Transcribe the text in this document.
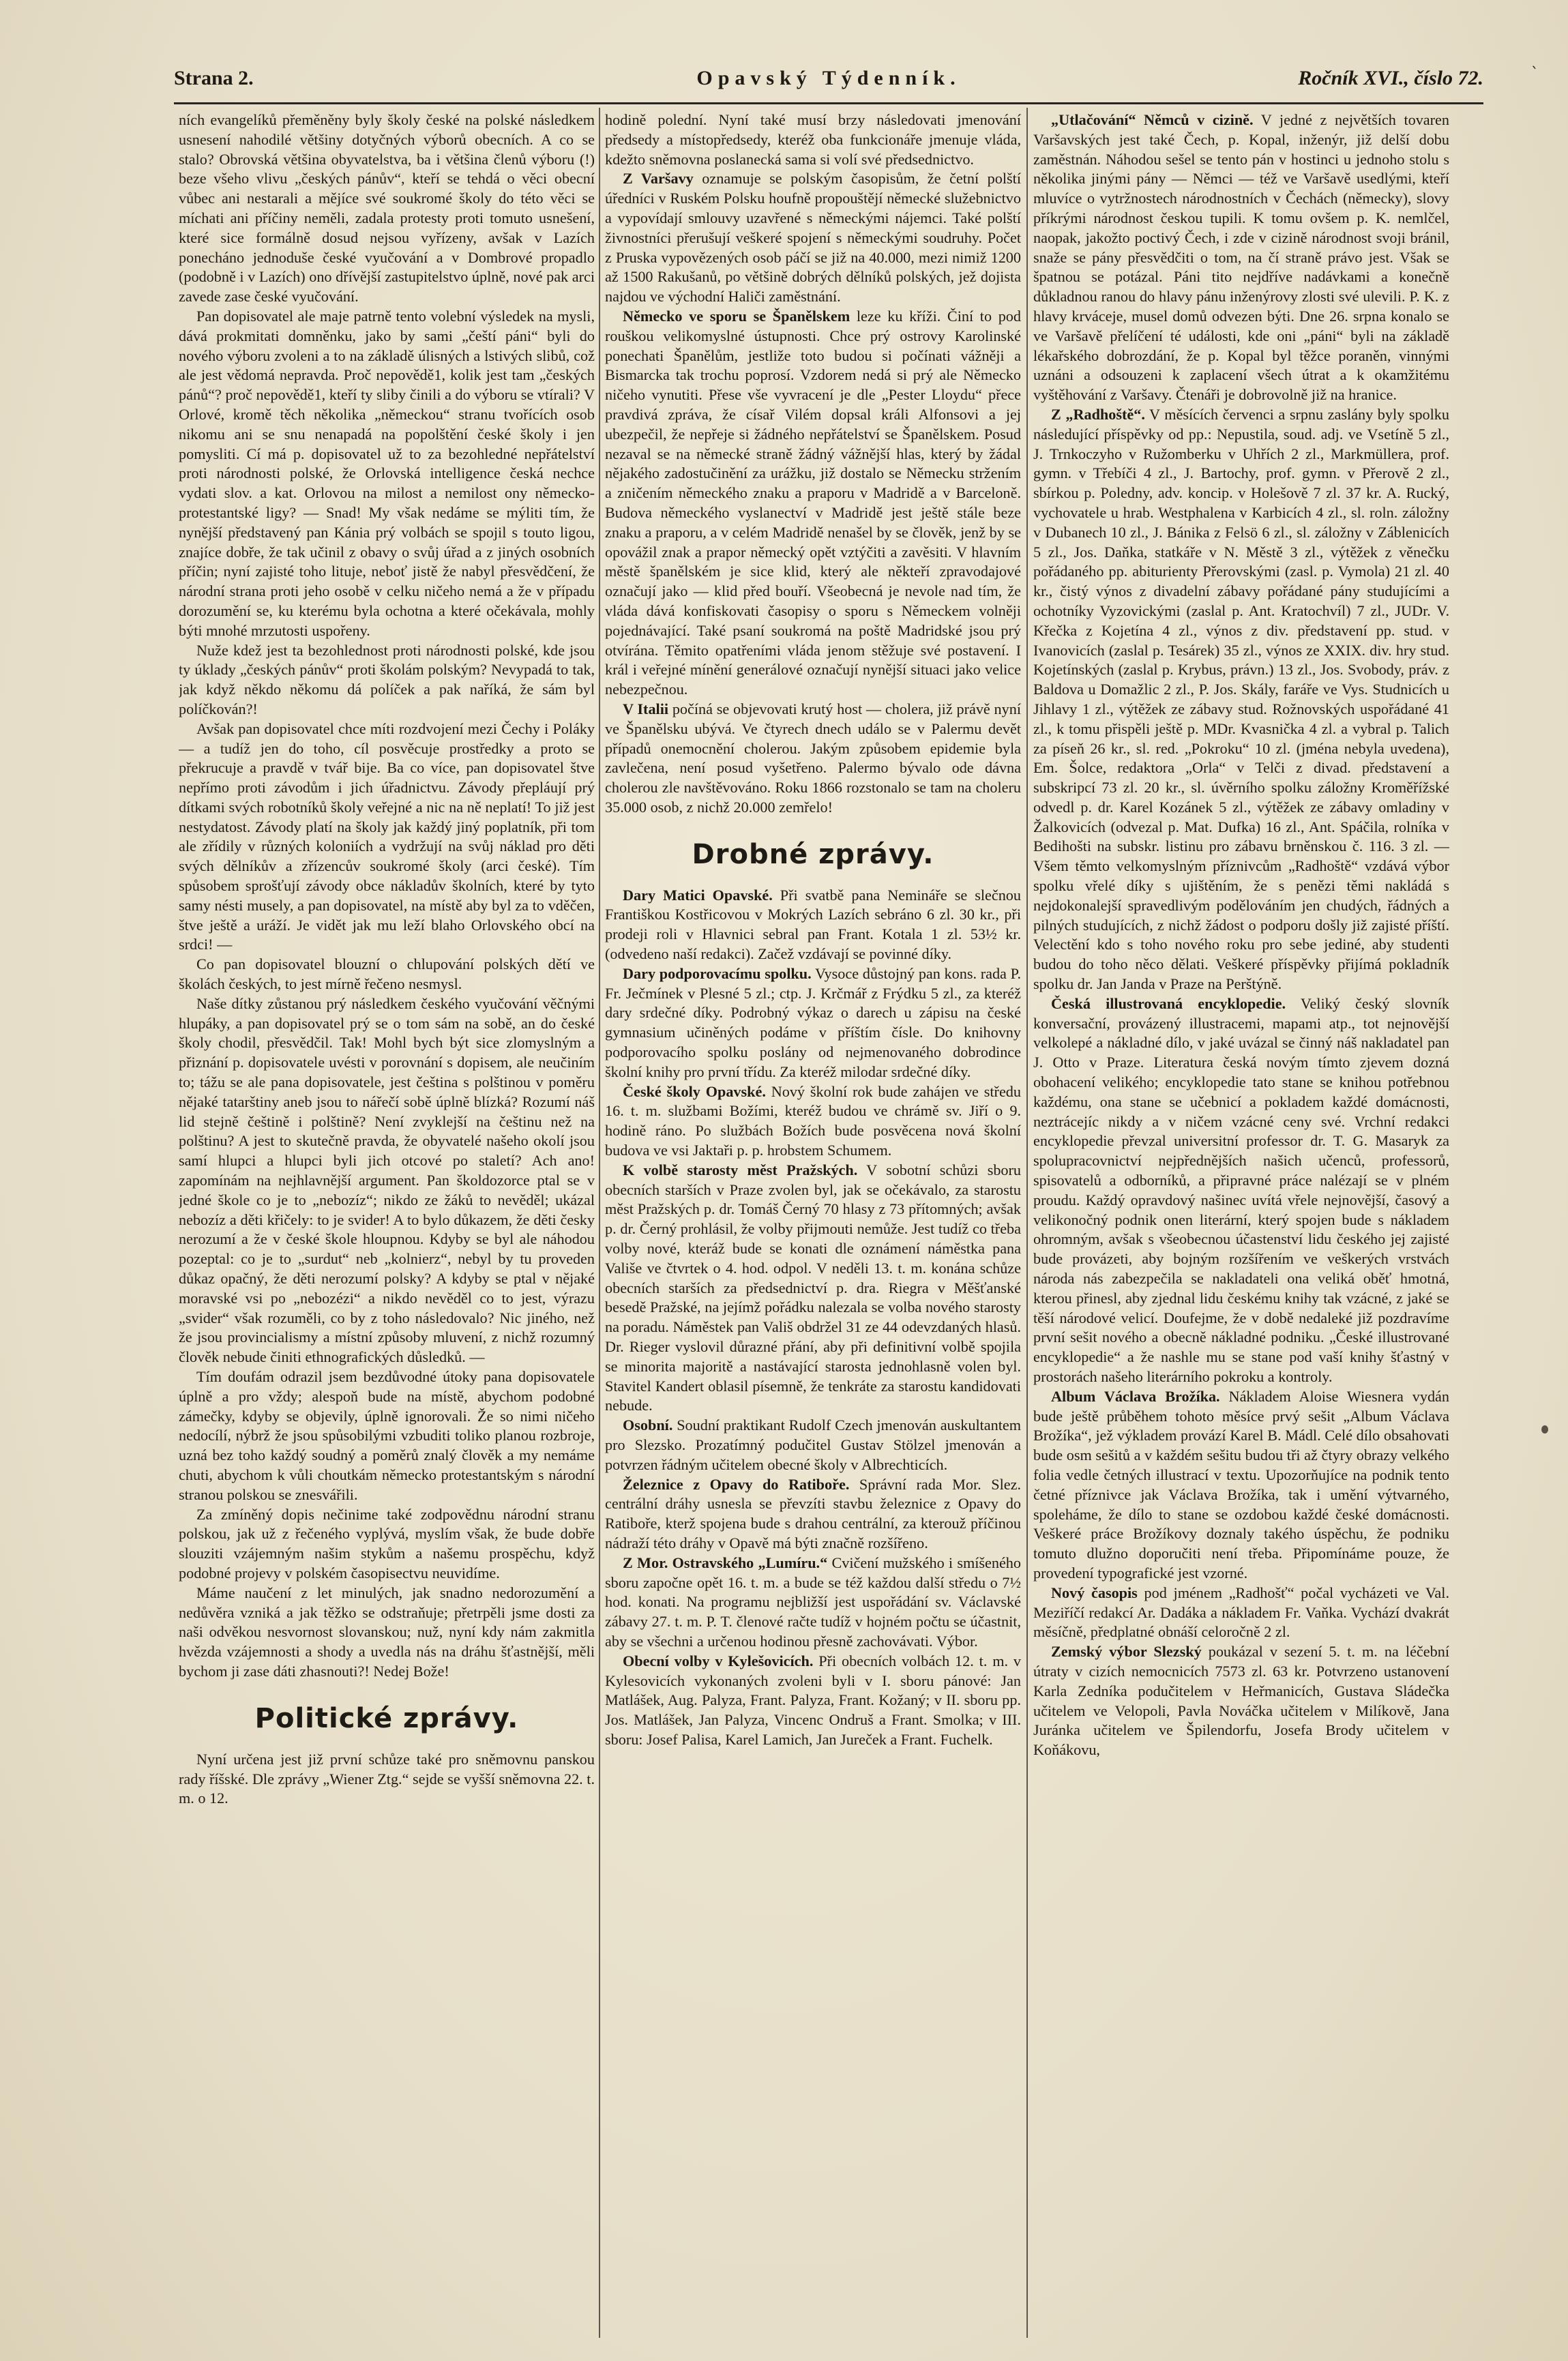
Strana 2.	Opavský Týdenník.	Ročník XVI., číslo 72.	ˋ

ních evangelíků přeměněny byly školy české na polské následkem usnesení nahodilé většiny dotyčných výborů obecních. A co se stalo? Obrovská většina obyvatelstva, ba i většina členů výboru (!) beze všeho vlivu „českých pánův“, kteří se tehdá o věci obecní vůbec ani nestarali a mějíce své soukromé školy do této věci se míchati ani příčiny neměli, zadala protesty proti tomuto usnešení, které sice formálně dosud nejsou vyřízeny, avšak v Lazích ponecháno jednoduše české vyučování a v Dombrové propadlo (podobně i v Lazích) ono dřívější zastupitelstvo úplně, nové pak arci zavede zase české vyučování.

Pan dopisovatel ale maje patrně tento volební výsledek na mysli, dává prokmitati domněnku, jako by sami „čeští páni“ byli do nového výboru zvoleni a to na základě úlisných a lstivých slibů, což ale jest vědomá nepravda. Proč nepovědě1, kolik jest tam „českých pánů“? proč nepovědě1, kteří ty sliby činili a do výboru se vtírali? V Orlové, kromě těch několika „německou“ stranu tvořících osob nikomu ani se snu nenapadá na popolštění české školy i jen pomysliti. Cí má p. dopisovatel už to za bezohledné nepřátelství proti národnosti polské, že Orlovská intelligence česká nechce vydati slov. a kat. Orlovou na milost a nemilost ony německo-protestantské ligy? — Snad! My však nedáme se mýliti tím, že nynější představený pan Kánia prý volbách se spojil s touto ligou, znajíce dobře, že tak učinil z obavy o svůj úřad a z jiných osobních příčin; nyní zajisté toho lituje, neboť jistě že nabyl přesvědčení, že národní strana proti jeho osobě v celku ničeho nemá a že v případu dorozumění se, ku kterému byla ochotna a které očekávala, mohly býti mnohé mrzutosti uspořeny.

Nuže kdež jest ta bezohlednost proti národnosti polské, kde jsou ty úklady „českých pánův“ proti školám polským? Nevypadá to tak, jak když někdo někomu dá políček a pak naříká, že sám byl políčkován?!

Avšak pan dopisovatel chce míti rozdvojení mezi Čechy i Poláky — a tudíž jen do toho, cíl posvěcuje prostředky a proto se překrucuje a pravdě v tvář bije. Ba co více, pan dopisovatel štve nepřímo proti závodům i jich úřadnictvu. Závody přepláují prý dítkami svých robotníků školy veřejné a nic na ně neplatí! To již jest nestydatost. Závody platí na školy jak každý jiný poplatník, při tom ale zřídily v různých koloniích a vydržují na svůj náklad pro děti svých dělníkův a zřízencův soukromé školy (arci české). Tím spůsobem sprošťují závody obce nákladův školních, které by tyto samy nésti musely, a pan dopisovatel, na místě aby byl za to vděčen, štve ještě a uráží. Je vidět jak mu leží blaho Orlovského obcí na srdci! —

Co pan dopisovatel blouzní o chlupování polských dětí ve školách českých, to jest mírně řečeno nesmysl.

Naše dítky zůstanou prý následkem českého vyučování věčnými hlupáky, a pan dopisovatel prý se o tom sám na sobě, an do české školy chodil, přesvědčil. Tak! Mohl bych být sice zlomyslným a přiznání p. dopisovatele uvésti v porovnání s dopisem, ale neučiním to; tážu se ale pana dopisovatele, jest čeština s polštinou v poměru nějaké tatarštiny aneb jsou to nářečí sobě úplně blízká? Rozumí náš lid stejně češtině i polštině? Není zvyklejší na češtinu než na polštinu? A jest to skutečně pravda, že obyvatelé našeho okolí jsou samí hlupci a hlupci byli jich otcové po staletí? Ach ano! zapomínám na nejhlavnější argument. Pan školdozorce ptal se v jedné škole co je to „nebozíz“; nikdo ze žáků to nevěděl; ukázal nebozíz a děti křičely: to je svider! A to bylo důkazem, že děti česky nerozumí a že v české škole hloupnou. Kdyby se byl ale náhodou pozeptal: co je to „surdut“ neb „kolnierz“, nebyl by tu proveden důkaz opačný, že děti nerozumí polsky? A kdyby se ptal v nějaké moravské vsi po „nebozézi“ a nikdo nevěděl co to jest, výrazu „svider“ však rozuměli, co by z toho následovalo? Nic jiného, než že jsou provincialismy a místní způsoby mluvení, z nichž rozumný člověk nebude činiti ethnografických důsledků. —

Tím doufám odrazil jsem bezdůvodné útoky pana dopisovatele úplně a pro vždy; alespoň bude na místě, abychom podobné zámečky, kdyby se objevily, úplně ignorovali. Že so nimi ničeho nedocílí, nýbrž že jsou spůsobilými vzbuditi toliko planou rozbroje, uzná bez toho každý soudný a poměrů znalý člověk a my nemáme chuti, abychom k vůli choutkám německo protestantským s národní stranou polskou se znesvářili.

Za zmíněný dopis nečinime také zodpovědnu národní stranu polskou, jak už z řečeného vyplývá, myslím však, že bude dobře slouziti vzájemným našim stykům a našemu prospěchu, když podobné projevy v polském časopisectvu neuvidíme.

Máme naučení z let minulých, jak snadno nedorozumění a nedůvěra vzniká a jak těžko se odstraňuje; přetrpěli jsme dosti za naši odvěkou nesvornost slovanskou; nuž, nyní kdy nám zakmitla hvězda vzájemnosti a shody a uvedla nás na dráhu šťastnější, měli bychom ji zase dáti zhasnouti?! Nedej Bože!

Politické zprávy.

Nyní určena jest již první schůze také pro sněmovnu panskou rady říšské. Dle zprávy „Wiener Ztg.“ sejde se vyšší sněmovna 22. t. m. o 12.

hodině polední. Nyní také musí brzy následovati jmenování předsedy a místopředsedy, kteréž oba funkcionáře jmenuje vláda, kdežto sněmovna poslanecká sama si volí své předsednictvo.

Z Varšavy oznamuje se polským časopisům, že četní polští úředníci v Ruském Polsku houfně propouštějí německé služebnictvo a vypovídají smlouvy uzavřené s německými nájemci. Také polští živnostníci přerušují veškeré spojení s německými soudruhy. Počet z Pruska vypovězených osob páčí se již na 40.000, mezi nimiž 1200 až 1500 Rakušanů, po většině dobrých dělníků polských, jež dojista najdou ve východní Haliči zaměstnání.

Německo ve sporu se Španělskem leze ku kříži. Činí to pod rouškou velikomyslné ústupnosti. Chce prý ostrovy Karolinské ponechati Španělům, jestliže toto budou si počínati vážněji a Bismarcka tak trochu poprosí. Vzdorem nedá si prý ale Německo ničeho vynutiti. Přese vše vyvracení je dle „Pester Lloydu“ přece pravdivá zpráva, že císař Vilém dopsal králi Alfonsovi a jej ubezpečil, že nepřeje si žádného nepřátelství se Španělskem. Posud nezaval se na německé straně žádný vážnější hlas, který by žádal nějakého zadostučinění za urážku, již dostalo se Německu stržením a zničením německého znaku a praporu v Madridě a v Barceloně. Budova německého vyslanectví v Madridě jest ještě stále beze znaku a praporu, a v celém Madridě nenašel by se člověk, jenž by se opovážil znak a prapor německý opět vztýčiti a zavěsiti. V hlavním městě španělském je sice klid, který ale někteří zpravodajové označují jako — klid před bouří. Všeobecná je nevole nad tím, že vláda dává konfiskovati časopisy o sporu s Německem volněji pojednávající. Také psaní soukromá na poště Madridské jsou prý otvírána. Těmito opatřeními vláda jenom stěžuje své postavení. I král i veřejné mínění generálové označují nynější situaci jako velice nebezpečnou.

V Italii počíná se objevovati krutý host — cholera, již právě nyní ve Španělsku ubývá. Ve čtyrech dnech událo se v Palermu devět případů onemocnění cholerou. Jakým způsobem epidemie byla zavlečena, není posud vyšetřeno. Palermo bývalo ode dávna cholerou zle navštěvováno. Roku 1866 rozstonalo se tam na choleru 35.000 osob, z nichž 20.000 zemřelo!

Drobné zprávy.

Dary Matici Opavské. Při svatbě pana Nemináře se slečnou Františkou Kostřicovou v Mokrých Lazích sebráno 6 zl. 30 kr., při prodeji roli v Hlavnici sebral pan Frant. Kotala 1 zl. 53½ kr. (odvedeno naší redakci). Začež vzdávají se povinné díky.

Dary podporovacímu spolku. Vysoce důstojný pan kons. rada P. Fr. Ječmínek v Plesné 5 zl.; ctp. J. Krčmář z Frýdku 5 zl., za kteréž dary srdečné díky. Podrobný výkaz o darech u zápisu na české gymnasium učiněných podáme v příštím čísle. Do knihovny podporovacího spolku poslány od nejmenovaného dobrodince školní knihy pro první třídu. Za kteréž milodar srdečné díky.

České školy Opavské. Nový školní rok bude zahájen ve středu 16. t. m. službami Božími, kteréž budou ve chrámě sv. Jiří o 9. hodině ráno. Po službách Božích bude posvěcena nová školní budova ve vsi Jaktaři p. p. hrobstem Schumem.

K volbě starosty měst Pražských. V sobotní schůzi sboru obecních starších v Praze zvolen byl, jak se očekávalo, za starostu měst Pražských p. dr. Tomáš Černý 70 hlasy z 73 přítomných; avšak p. dr. Černý prohlásil, že volby přijmouti nemůže. Jest tudíž co třeba volby nové, kteráž bude se konati dle oznámení náměstka pana Vališe ve čtvrtek o 4. hod. odpol. V neděli 13. t. m. konána schůze obecních starších za předsednictví p. dra. Riegra v Měšťanské besedě Pražské, na jejímž pořádku nalezala se volba nového starosty na poradu. Náměstek pan Vališ obdržel 31 ze 44 odevzdaných hlasů. Dr. Rieger vyslovil důrazné přání, aby při definitivní volbě spojila se minorita majoritě a nastávající starosta jednohlasně volen byl. Stavitel Kandert oblasil písemně, že tenkráte za starostu kandidovati nebude.

Osobní. Soudní praktikant Rudolf Czech jmenován auskultantem pro Slezsko. Prozatímný podučitel Gustav Stölzel jmenován a potvrzen řádným učitelem obecné školy v Albrechticích.

Železnice z Opavy do Ratiboře. Správní rada Mor. Slez. centrální dráhy usnesla se převzíti stavbu železnice z Opavy do Ratiboře, kterž spojena bude s drahou centrální, za kterouž příčinou nádraží této dráhy v Opavě má býti značně rozšířeno.

Z Mor. Ostravského „Lumíru.“ Cvičení mužského i smíšeného sboru započne opět 16. t. m. a bude se též každou další středu o 7½ hod. konati. Na programu nejbližší jest uspořádání sv. Václavské zábavy 27. t. m. P. T. členové račte tudíž v hojném počtu se účastnit, aby se všechni a určenou hodinou přesně zachovávati. Výbor.

Obecní volby v Kylešovicích. Při obecních volbách 12. t. m. v Kylesovicích vykonaných zvoleni byli v I. sboru pánové: Jan Matlášek, Aug. Palyza, Frant. Palyza, Frant. Kožaný; v II. sboru pp. Jos. Matlášek, Jan Palyza, Vincenc Ondruš a Frant. Smolka; v III. sboru: Josef Palisa, Karel Lamich, Jan Jureček a Frant. Fuchelk.

„Utlačování“ Němců v cizině. V jedné z největších tovaren Varšavských jest také Čech, p. Kopal, inženýr, již delší dobu zaměstnán. Náhodou sešel se tento pán v hostinci u jednoho stolu s několika jinými pány — Němci — též ve Varšavě usedlými, kteří mluvíce o vytržnostech národnostních v Čechách (německy), slovy příkrými národnost českou tupili. K tomu ovšem p. K. nemlčel, naopak, jakožto poctivý Čech, i zde v cizině národnost svoji bránil, snaže se pány přesvědčiti o tom, na čí straně právo jest. Však se špatnou se potázal. Páni tito nejdříve nadávkami a konečně důkladnou ranou do hlavy pánu inženýrovy zlosti své ulevili. P. K. z hlavy krváceje, musel domů odvezen býti. Dne 26. srpna konalo se ve Varšavě přelíčení té události, kde oni „páni“ byli na základě lékařského dobrozdání, že p. Kopal byl těžce poraněn, vinnými uznáni a odsouzeni k zaplacení všech útrat a k okamžitému vyštěhování z Varšavy. Čtenáři je dobrovolně již na hranice.

Z „Radhoště“. V měsících červenci a srpnu zaslány byly spolku následující příspěvky od pp.: Nepustila, soud. adj. ve Vsetíně 5 zl., J. Trnkoczyho v Ružomberku v Uhřích 2 zl., Markmüllera, prof. gymn. v Třebíči 4 zl., J. Bartochy, prof. gymn. v Přerově 2 zl., sbírkou p. Poledny, adv. koncip. v Holešově 7 zl. 37 kr. A. Rucký, vychovatele u hrab. Westphalena v Karbicích 4 zl., sl. roln. záložny v Dubanech 10 zl., J. Bánika z Felsö 6 zl., sl. záložny v Záblenicích 5 zl., Jos. Daňka, statkáře v N. Městě 3 zl., výtěžek z věnečku pořádaného pp. abiturienty Přerovskými (zasl. p. Vymola) 21 zl. 40 kr., čistý výnos z divadelní zábavy pořádané pány studujícími a ochotníky Vyzovickými (zaslal p. Ant. Kratochvíl) 7 zl., JUDr. V. Křečka z Kojetína 4 zl., výnos z div. představení pp. stud. v Ivanovicích (zaslal p. Tesárek) 35 zl., výnos ze XXIX. div. hry stud. Kojetínských (zaslal p. Krybus, právn.) 13 zl., Jos. Svobody, práv. z Baldova u Domažlic 2 zl., P. Jos. Skály, faráře ve Vys. Studnicích u Jihlavy 1 zl., výtěžek ze zábavy stud. Rožnovských uspořádané 41 zl., k tomu přispěli ještě p. MDr. Kvasnička 4 zl. a vybral p. Talich za píseň 26 kr., sl. red. „Pokroku“ 10 zl. (jména nebyla uvedena), Em. Šolce, redaktora „Orla“ v Telči z divad. představení a subskripcí 73 zl. 20 kr., sl. úvěrního spolku záložny Kroměřížské odvedl p. dr. Karel Kozánek 5 zl., výtěžek ze zábavy omladiny v Žalkovicích (odvezal p. Mat. Dufka) 16 zl., Ant. Spáčila, rolníka v Bedihošti na subskr. listinu pro zábavu brněnskou č. 116. 3 zl. — Všem těmto velkomyslným příznivcům „Radhoště“ vzdává výbor spolku vřelé díky s ujištěním, že s penězi těmi nakládá s nejdokonalejší spravedlivým podělováním jen chudých, řádných a pilných studujících, z nichž žádost o podporu došly již zajisté příští. Velectění kdo s toho nového roku pro sebe jediné, aby studenti budou do toho něco dělati. Veškeré příspěvky přijímá pokladník spolku dr. Jan Janda v Praze na Perštýně.

Česká illustrovaná encyklopedie. Veliký český slovník konversační, provázený illustracemi, mapami atp., tot nejnovější velkolepé a nákladné dílo, v jaké uvázal se činný náš nakladatel pan J. Otto v Praze. Literatura česká novým tímto zjevem dozná obohacení velikého; encyklopedie tato stane se knihou potřebnou každému, ona stane se učebnicí a pokladem každé domácnosti, neztrácejíc nikdy a v ničem vzácné ceny své. Vrchní redakci encyklopedie převzal universitní professor dr. T. G. Masaryk za spolupracovnictví nejpřednějších našich učenců, professorů, spisovatelů a odborníků, a připravné práce nalézají se v plném proudu. Každý opravdový našinec uvítá vřele nejnovější, časový a velikonočný podnik onen literární, který spojen bude s nákladem ohromným, avšak s všeobecnou účastenství lidu českého jej zajisté bude provázeti, aby bojným rozšířením ve veškerých vrstvách národa nás zabezpečila se nakladateli ona veliká oběť hmotná, kterou přinesl, aby zjednal lidu českému knihy tak vzácné, z jaké se těší národové velicí. Doufejme, že v době nedaleké již pozdravíme první sešit nového a obecně nákladné podniku. „České illustrované encyklopedie“ a že nashle mu se stane pod vaší knihy šťastný v prostorách našeho literárního pokroku a kontroly.

Album Václava Brožíka. Nákladem Aloise Wiesnera vydán bude ještě průběhem tohoto měsíce prvý sešit „Album Václava Brožíka“, jež výkladem provází Karel B. Mádl. Celé dílo obsahovati bude osm sešitů a v každém sešitu budou tři až čtyry obrazy velkého folia vedle četných illustrací v textu. Upozorňujíce na podnik tento četné příznivce jak Václava Brožíka, tak i umění výtvarného, spolehámе, že dílo to stane se ozdobou každé české domácnosti. Veškeré práce Brožíkovy doznaly takého úspěchu, že podniku tomuto dlužno doporučiti není třeba. Připomínáme pouze, že provedení typografické jest vzorné.

Nový časopis pod jménem „Radhošť“ počal vycházeti ve Val. Meziříčí redakcí Ar. Dadáka a nákladem Fr. Vaňka. Vychází dvakrát měsíčně, předplatné obnáší celoročně 2 zl.

Zemský výbor Slezský poukázal v sezení 5. t. m. na léčební útraty v cizích nemocnicích 7573 zl. 63 kr. Potvrzeno ustanovení Karla Zedníka podučitelem v Heřmanicích, Gustava Sládečka učitelem ve Velopoli, Pavla Nováčka učitelem v Milíkově, Jana Juránka učitelem ve Špilendorfu, Josefa Brody učitelem v Koňákovu,
